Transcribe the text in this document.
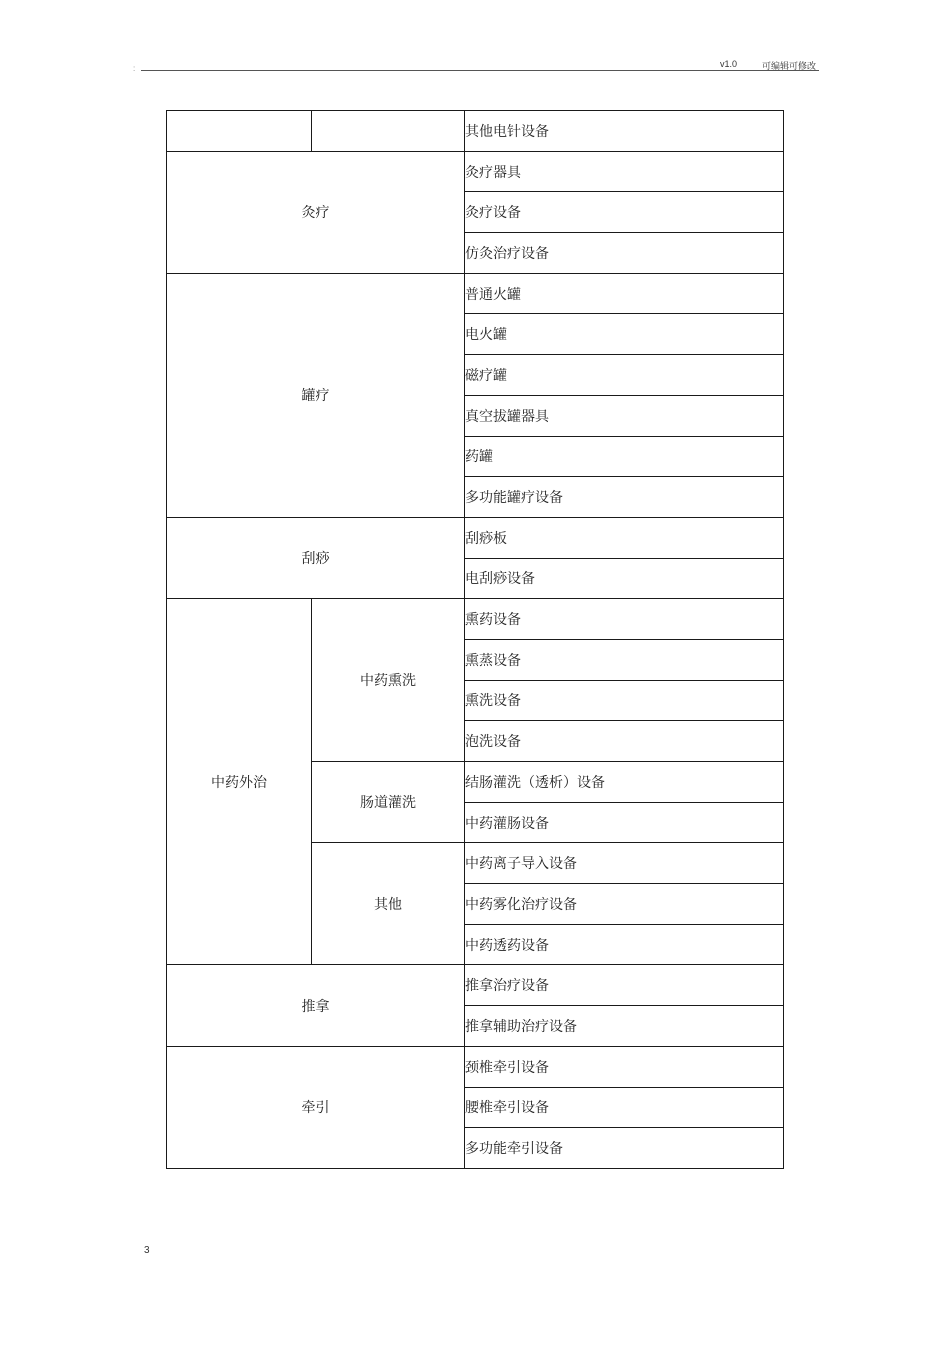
:	v1.0	可编辑可修改
		其他电针设备
灸疗		灸疗器具
		灸疗设备
		仿灸治疗设备
罐疗		普通火罐
		电火罐
		磁疗罐
		真空拔罐器具
		药罐
		多功能罐疗设备
刮痧		刮痧板
		电刮痧设备
中药外治	中药熏洗	熏药设备
		熏蒸设备
		熏洗设备
		泡洗设备
	肠道灌洗	结肠灌洗（透析）设备
		中药灌肠设备
	其他	中药离子导入设备
		中药雾化治疗设备
		中药透药设备
推拿		推拿治疗设备
		推拿辅助治疗设备
牵引		颈椎牵引设备
		腰椎牵引设备
		多功能牵引设备
3
